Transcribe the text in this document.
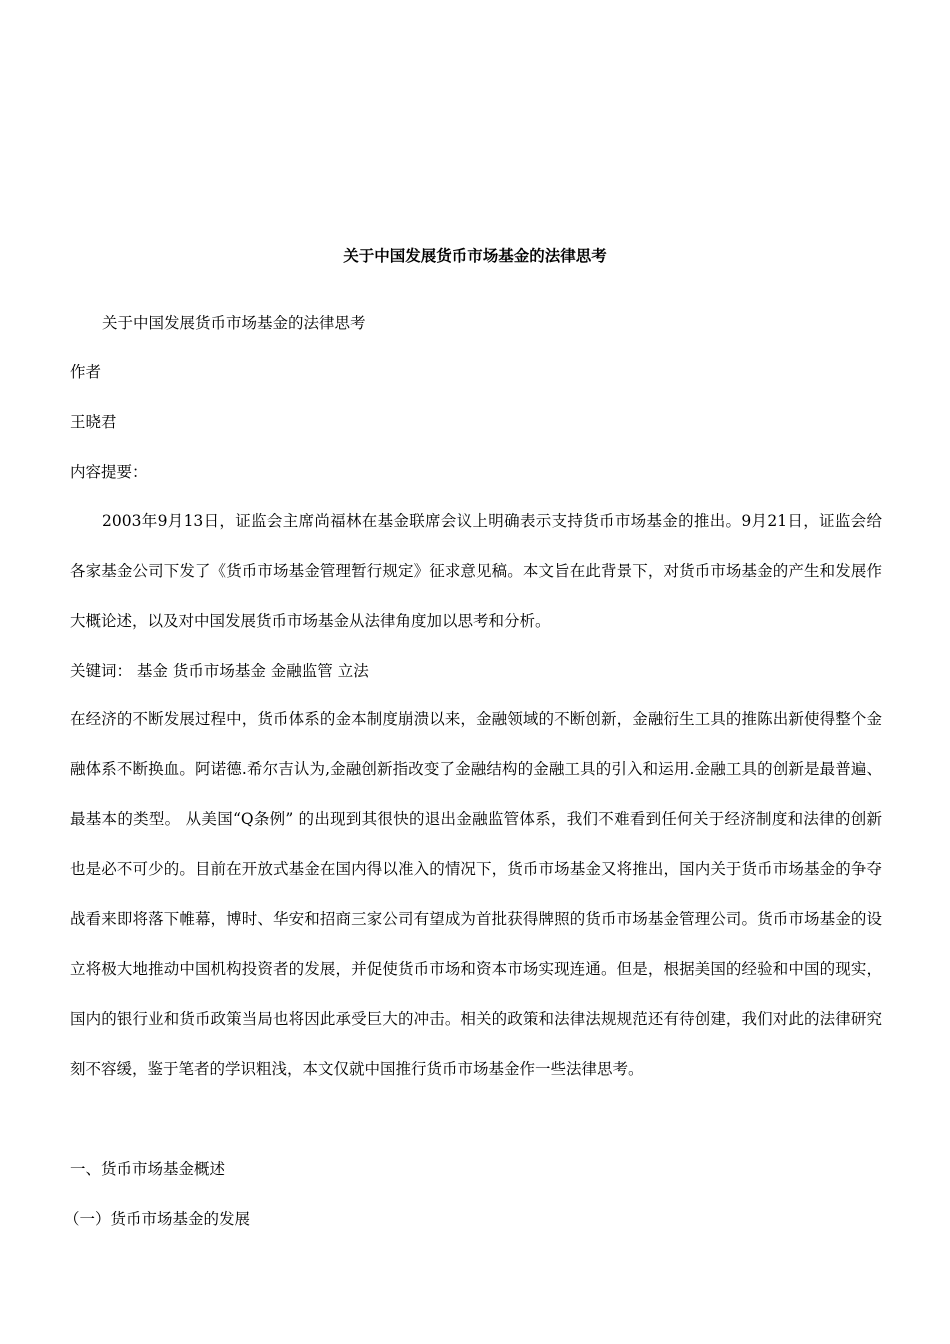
关于中国发展货币市场基金的法律思考
关于中国发展货币市场基金的法律思考
作者
王晓君
内容提要：

2003年9月13日，证监会主席尚福林在基金联席会议上明确表示支持货币市场基金的推出。9月21日，证监会给各家基金公司下发了《货币市场基金管理暂行规定》征求意见稿。本文旨在此背景下，对货币市场基金的产生和发展作大概论述，以及对中国发展货币市场基金从法律角度加以思考和分析。

关键词： 基金 货币市场基金 金融监管 立法

在经济的不断发展过程中，货币体系的金本制度崩溃以来，金融领域的不断创新，金融衍生工具的推陈出新使得整个金融体系不断换血。阿诺德.希尔吉认为,金融创新指改变了金融结构的金融工具的引入和运用.金融工具的创新是最普遍、最基本的类型。 从美国“Q条例” 的出现到其很快的退出金融监管体系，我们不难看到任何关于经济制度和法律的创新也是必不可少的。目前在开放式基金在国内得以准入的情况下，货币市场基金又将推出，国内关于货币市场基金的争夺战看来即将落下帷幕，博时、华安和招商三家公司有望成为首批获得牌照的货币市场基金管理公司。货币市场基金的设立将极大地推动中国机构投资者的发展，并促使货币市场和资本市场实现连通。但是，根据美国的经验和中国的现实，国内的银行业和货币政策当局也将因此承受巨大的冲击。相关的政策和法律法规规范还有待创建，我们对此的法律研究刻不容缓，鉴于笔者的学识粗浅，本文仅就中国推行货币市场基金作一些法律思考。

一、货币市场基金概述
（一）货币市场基金的发展
